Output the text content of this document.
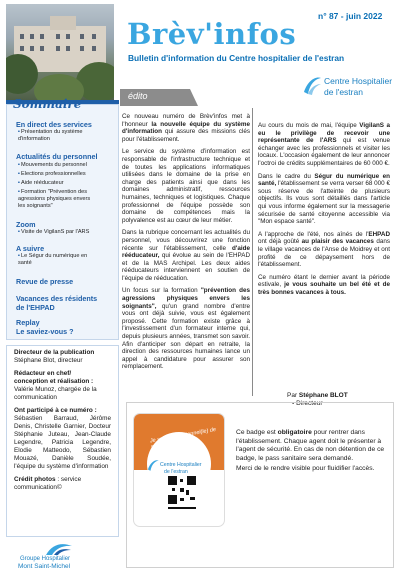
n° 87 - juin 2022
Brèv'infos
Bulletin d'information du Centre hospitalier de l'estran
Centre Hospitalier
de l'estran
édito
Sommaire
En direct des services
▪Présentation du système
d'information
Actualités du personnel
▪Mouvements du personnel
▪Elections professionnelles
▪Aide rééducateur
▪Formation "Prévention des
agressions physiques envers
les soignants"
Zoom
▪Visite de VigilanS par l'ARS
A suivre
▪Le Ségur du numérique en
santé
Revue de presse
Vacances des résidents
de l'EHPAD
Replay
Le saviez-vous ?
Directeur de la publication
Stéphane Blot, directeur
Rédacteur en chef/
conception et réalisation :
Valérie Munoz, chargée de la communication
Ont participé à ce numéro :
Sébastien Barraud, Jérôme Denis, Christelle Garnier, Docteur Stéphanie Juteau, Jean-Claude Legendre, Patricia Legendre, Elodie Matteodo, Sébastien Mouazé, Danièle Soudée, l'équipe du système d'information
Crédit photos : service communication©
Groupe Hospitalier
Mont Saint-Michel

Ce nouveau numéro de Brèv'infos met à l'honneur la nouvelle équipe du système d'information qui assure des missions clés pour l'établissement.

Le service du système d'information est responsable de l'infrastructure technique et de toutes les applications informatiques utilisées dans le domaine de la prise en charge des patients ainsi que dans les domaines administratif, ressources humaines, techniques et logistiques. Chaque professionnel de l'équipe possède son domaine de compétences mais la polyvalence est au cœur de leur métier.

Dans la rubrique concernant les actualités du personnel, vous découvrirez une fonction récente sur l'établissement, celle d'aide rééducateur, qui évolue au sein de l'EHPAD et de la MAS Archipel. Les deux aides rééducateurs interviennent en soutien de l'équipe de rééducation.

Un focus sur la formation "prévention des agressions physiques envers les soignants", qu'un grand nombre d'entre vous ont déjà suivie, vous est également proposé. Cette formation existe grâce à l'investissement d'un formateur interne qui, depuis plusieurs années, transmet son savoir. Afin d'anticiper son départ en retraite, la direction des ressources humaines lance un appel à candidature pour assurer son remplacement.

Au cours du mois de mai, l'équipe VigilanS a eu le privilège de recevoir une représentante de l'ARS qui est venue échanger avec les professionnels et visiter les locaux. L'occasion également de leur annoncer l'octroi de crédits supplémentaires de 60 000 €.

Dans le cadre du Ségur du numérique en santé, l'établissement se verra verser 68 000 € sous réserve de l'atteinte de plusieurs objectifs. Ils vous sont détaillés dans l'article qui vous informe également sur la messagerie sécurisée de santé citoyenne accessible via "Mon espace santé".

A l'approche de l'été, nos aînés de l'EHPAD ont déjà goûté au plaisir des vacances dans le village vacances de l'Anse de Moidrey et ont profité de ce dépaysement hors de l'établissement.

Ce numéro étant le dernier avant la période estivale, je vous souhaite un bel été et de très bonnes vacances à tous.

Par Stéphane BLOT
▪ Directeur
Je suis professionnel(le) de santé
Centre Hospitalier
de l'estran

Ce badge est obligatoire pour rentrer dans l'établissement. Chaque agent doit le présenter à l'agent de sécurité. En cas de non détention de ce badge, le pass sanitaire sera demandé.

Merci de le rendre visible pour fluidifier l'accès.
